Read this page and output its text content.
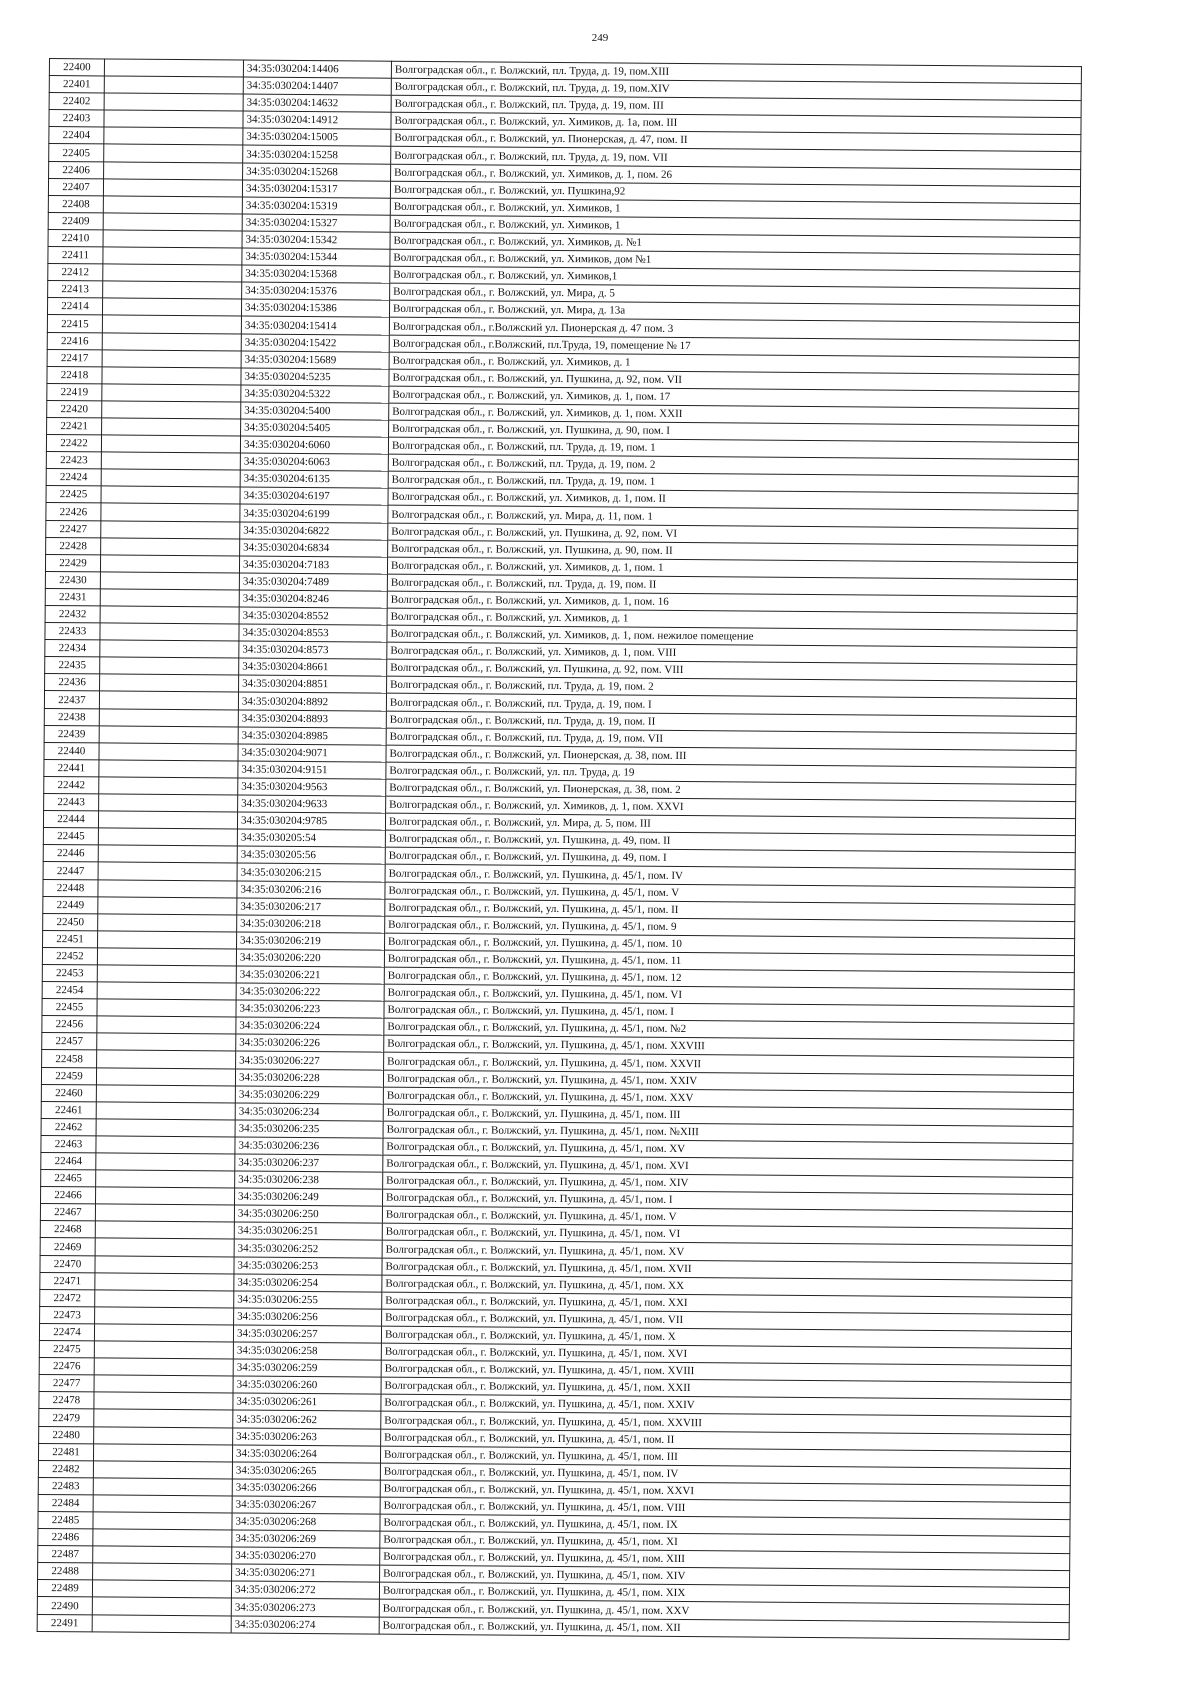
249
22400		34:35:030204:14406	Волгоградская обл., г. Волжский, пл. Труда, д. 19, пом.XIII
22401		34:35:030204:14407	Волгоградская обл., г. Волжский, пл. Труда, д. 19, пом.XIV
22402		34:35:030204:14632	Волгоградская обл., г. Волжский, пл. Труда, д. 19, пом. III
22403		34:35:030204:14912	Волгоградская обл., г. Волжский, ул. Химиков, д. 1а, пом. III
22404		34:35:030204:15005	Волгоградская обл., г. Волжский, ул. Пионерская, д. 47, пом. II
22405		34:35:030204:15258	Волгоградская обл., г. Волжский, пл. Труда, д. 19, пом. VII
22406		34:35:030204:15268	Волгоградская обл., г. Волжский, ул. Химиков, д. 1, пом. 26
22407		34:35:030204:15317	Волгоградская обл., г. Волжский, ул. Пушкина,92
22408		34:35:030204:15319	Волгоградская обл., г. Волжский, ул. Химиков, 1
22409		34:35:030204:15327	Волгоградская обл., г. Волжский, ул. Химиков, 1
22410		34:35:030204:15342	Волгоградская обл., г. Волжский, ул. Химиков, д. №1
22411		34:35:030204:15344	Волгоградская обл., г. Волжский, ул. Химиков, дом №1
22412		34:35:030204:15368	Волгоградская обл., г. Волжский, ул. Химиков,1
22413		34:35:030204:15376	Волгоградская обл., г. Волжский, ул. Мира, д. 5
22414		34:35:030204:15386	Волгоградская обл., г. Волжский, ул. Мира, д. 13а
22415		34:35:030204:15414	Волгоградская обл., г.Волжский ул. Пионерская д. 47 пом. 3
22416		34:35:030204:15422	Волгоградская обл., г.Волжский, пл.Труда, 19, помещение № 17
22417		34:35:030204:15689	Волгоградская обл., г. Волжский, ул. Химиков, д. 1
22418		34:35:030204:5235	Волгоградская обл., г. Волжский, ул. Пушкина, д. 92, пом. VII
22419		34:35:030204:5322	Волгоградская обл., г. Волжский, ул. Химиков, д. 1, пом. 17
22420		34:35:030204:5400	Волгоградская обл., г. Волжский, ул. Химиков, д. 1, пом. XXII
22421		34:35:030204:5405	Волгоградская обл., г. Волжский, ул. Пушкина, д. 90, пом. I
22422		34:35:030204:6060	Волгоградская обл., г. Волжский, пл. Труда, д. 19, пом. 1
22423		34:35:030204:6063	Волгоградская обл., г. Волжский, пл. Труда, д. 19, пом. 2
22424		34:35:030204:6135	Волгоградская обл., г. Волжский, пл. Труда, д. 19, пом. 1
22425		34:35:030204:6197	Волгоградская обл., г. Волжский, ул. Химиков, д. 1, пом. II
22426		34:35:030204:6199	Волгоградская обл., г. Волжский, ул. Мира, д. 11, пом. 1
22427		34:35:030204:6822	Волгоградская обл., г. Волжский, ул. Пушкина, д. 92, пом. VI
22428		34:35:030204:6834	Волгоградская обл., г. Волжский, ул. Пушкина, д. 90, пом. II
22429		34:35:030204:7183	Волгоградская обл., г. Волжский, ул. Химиков, д. 1, пом. 1
22430		34:35:030204:7489	Волгоградская обл., г. Волжский, пл. Труда, д. 19, пом. II
22431		34:35:030204:8246	Волгоградская обл., г. Волжский, ул. Химиков, д. 1, пом. 16
22432		34:35:030204:8552	Волгоградская обл., г. Волжский, ул. Химиков, д. 1
22433		34:35:030204:8553	Волгоградская обл., г. Волжский, ул. Химиков, д. 1, пом. нежилое помещение
22434		34:35:030204:8573	Волгоградская обл., г. Волжский, ул. Химиков, д. 1, пом. VIII
22435		34:35:030204:8661	Волгоградская обл., г. Волжский, ул. Пушкина, д. 92, пом. VIII
22436		34:35:030204:8851	Волгоградская обл., г. Волжский, пл. Труда, д. 19, пом. 2
22437		34:35:030204:8892	Волгоградская обл., г. Волжский, пл. Труда, д. 19, пом. I
22438		34:35:030204:8893	Волгоградская обл., г. Волжский, пл. Труда, д. 19, пом. II
22439		34:35:030204:8985	Волгоградская обл., г. Волжский, пл. Труда, д. 19, пом. VII
22440		34:35:030204:9071	Волгоградская обл., г. Волжский, ул. Пионерская, д. 38, пом. III
22441		34:35:030204:9151	Волгоградская обл., г. Волжский, ул. пл. Труда, д. 19
22442		34:35:030204:9563	Волгоградская обл., г. Волжский, ул. Пионерская, д. 38, пом. 2
22443		34:35:030204:9633	Волгоградская обл., г. Волжский, ул. Химиков, д. 1, пом. XXVI
22444		34:35:030204:9785	Волгоградская обл., г. Волжский, ул. Мира, д. 5, пом. III
22445		34:35:030205:54	Волгоградская обл., г. Волжский, ул. Пушкина, д. 49, пом. II
22446		34:35:030205:56	Волгоградская обл., г. Волжский, ул. Пушкина, д. 49, пом. I
22447		34:35:030206:215	Волгоградская обл., г. Волжский, ул. Пушкина, д. 45/1, пом. IV
22448		34:35:030206:216	Волгоградская обл., г. Волжский, ул. Пушкина, д. 45/1, пом. V
22449		34:35:030206:217	Волгоградская обл., г. Волжский, ул. Пушкина, д. 45/1, пом. II
22450		34:35:030206:218	Волгоградская обл., г. Волжский, ул. Пушкина, д. 45/1, пом. 9
22451		34:35:030206:219	Волгоградская обл., г. Волжский, ул. Пушкина, д. 45/1, пом. 10
22452		34:35:030206:220	Волгоградская обл., г. Волжский, ул. Пушкина, д. 45/1, пом. 11
22453		34:35:030206:221	Волгоградская обл., г. Волжский, ул. Пушкина, д. 45/1, пом. 12
22454		34:35:030206:222	Волгоградская обл., г. Волжский, ул. Пушкина, д. 45/1, пом. VI
22455		34:35:030206:223	Волгоградская обл., г. Волжский, ул. Пушкина, д. 45/1, пом. I
22456		34:35:030206:224	Волгоградская обл., г. Волжский, ул. Пушкина, д. 45/1, пом. №2
22457		34:35:030206:226	Волгоградская обл., г. Волжский, ул. Пушкина, д. 45/1, пом. XXVIII
22458		34:35:030206:227	Волгоградская обл., г. Волжский, ул. Пушкина, д. 45/1, пом. XXVII
22459		34:35:030206:228	Волгоградская обл., г. Волжский, ул. Пушкина, д. 45/1, пом. XXIV
22460		34:35:030206:229	Волгоградская обл., г. Волжский, ул. Пушкина, д. 45/1, пом. XXV
22461		34:35:030206:234	Волгоградская обл., г. Волжский, ул. Пушкина, д. 45/1, пом. III
22462		34:35:030206:235	Волгоградская обл., г. Волжский, ул. Пушкина, д. 45/1, пом. №XIII
22463		34:35:030206:236	Волгоградская обл., г. Волжский, ул. Пушкина, д. 45/1, пом. XV
22464		34:35:030206:237	Волгоградская обл., г. Волжский, ул. Пушкина, д. 45/1, пом. XVI
22465		34:35:030206:238	Волгоградская обл., г. Волжский, ул. Пушкина, д. 45/1, пом. XIV
22466		34:35:030206:249	Волгоградская обл., г. Волжский, ул. Пушкина, д. 45/1, пом. I
22467		34:35:030206:250	Волгоградская обл., г. Волжский, ул. Пушкина, д. 45/1, пом. V
22468		34:35:030206:251	Волгоградская обл., г. Волжский, ул. Пушкина, д. 45/1, пом. VI
22469		34:35:030206:252	Волгоградская обл., г. Волжский, ул. Пушкина, д. 45/1, пом. XV
22470		34:35:030206:253	Волгоградская обл., г. Волжский, ул. Пушкина, д. 45/1, пом. XVII
22471		34:35:030206:254	Волгоградская обл., г. Волжский, ул. Пушкина, д. 45/1, пом. XX
22472		34:35:030206:255	Волгоградская обл., г. Волжский, ул. Пушкина, д. 45/1, пом. XXI
22473		34:35:030206:256	Волгоградская обл., г. Волжский, ул. Пушкина, д. 45/1, пом. VII
22474		34:35:030206:257	Волгоградская обл., г. Волжский, ул. Пушкина, д. 45/1, пом. X
22475		34:35:030206:258	Волгоградская обл., г. Волжский, ул. Пушкина, д. 45/1, пом. XVI
22476		34:35:030206:259	Волгоградская обл., г. Волжский, ул. Пушкина, д. 45/1, пом. XVIII
22477		34:35:030206:260	Волгоградская обл., г. Волжский, ул. Пушкина, д. 45/1, пом. XXII
22478		34:35:030206:261	Волгоградская обл., г. Волжский, ул. Пушкина, д. 45/1, пом. XXIV
22479		34:35:030206:262	Волгоградская обл., г. Волжский, ул. Пушкина, д. 45/1, пом. XXVIII
22480		34:35:030206:263	Волгоградская обл., г. Волжский, ул. Пушкина, д. 45/1, пом. II
22481		34:35:030206:264	Волгоградская обл., г. Волжский, ул. Пушкина, д. 45/1, пом. III
22482		34:35:030206:265	Волгоградская обл., г. Волжский, ул. Пушкина, д. 45/1, пом. IV
22483		34:35:030206:266	Волгоградская обл., г. Волжский, ул. Пушкина, д. 45/1, пом. XXVI
22484		34:35:030206:267	Волгоградская обл., г. Волжский, ул. Пушкина, д. 45/1, пом. VIII
22485		34:35:030206:268	Волгоградская обл., г. Волжский, ул. Пушкина, д. 45/1, пом. IX
22486		34:35:030206:269	Волгоградская обл., г. Волжский, ул. Пушкина, д. 45/1, пом. XI
22487		34:35:030206:270	Волгоградская обл., г. Волжский, ул. Пушкина, д. 45/1, пом. XIII
22488		34:35:030206:271	Волгоградская обл., г. Волжский, ул. Пушкина, д. 45/1, пом. XIV
22489		34:35:030206:272	Волгоградская обл., г. Волжский, ул. Пушкина, д. 45/1, пом. XIX
22490		34:35:030206:273	Волгоградская обл., г. Волжский, ул. Пушкина, д. 45/1, пом. XXV
22491		34:35:030206:274	Волгоградская обл., г. Волжский, ул. Пушкина, д. 45/1, пом. XII
